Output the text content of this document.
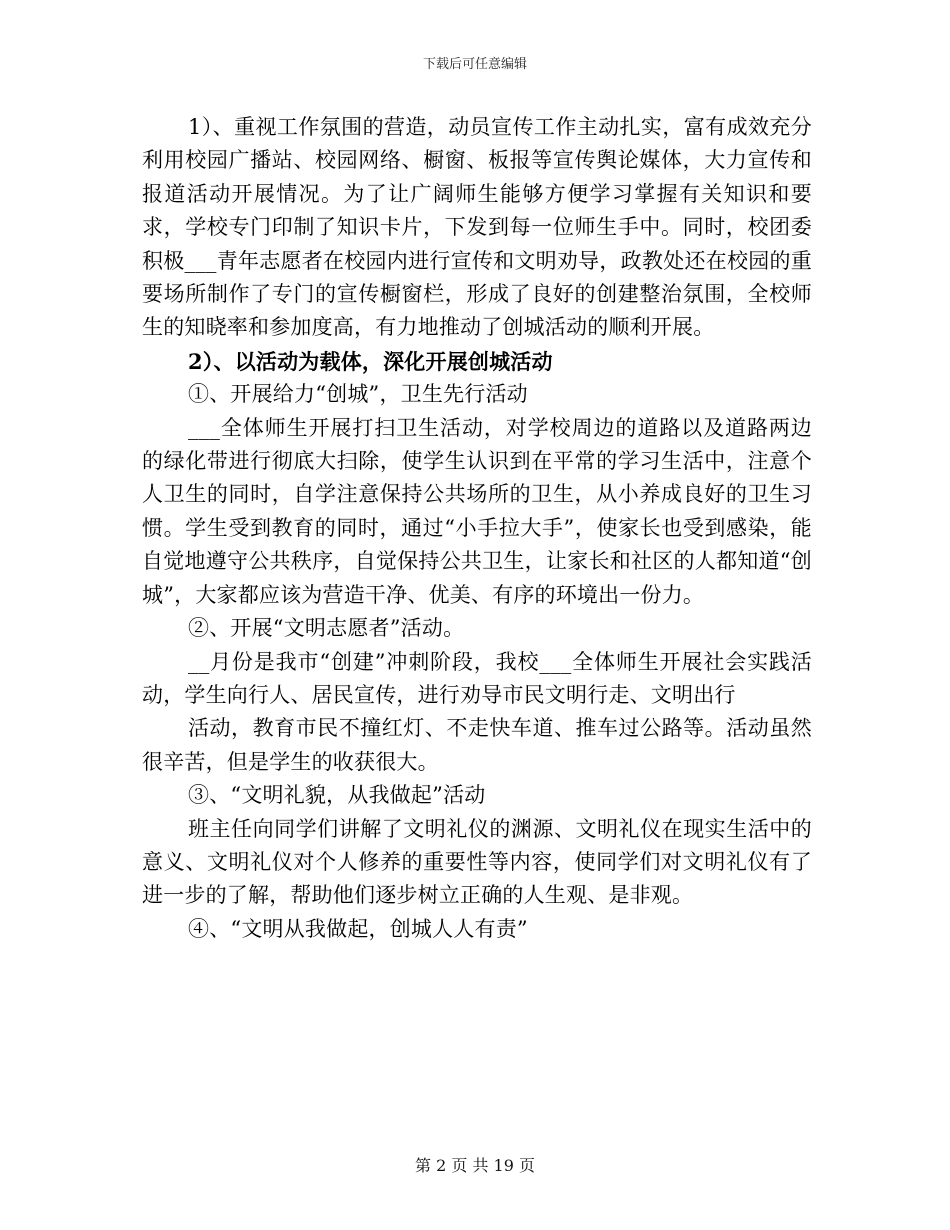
下载后可任意编辑

1）、重视工作氛围的营造，动员宣传工作主动扎实，富有成效充分利用校园广播站、校园网络、橱窗、板报等宣传舆论媒体，大力宣传和报道活动开展情况。为了让广阔师生能够方便学习掌握有关知识和要求，学校专门印制了知识卡片，下发到每一位师生手中。同时，校团委积极___青年志愿者在校园内进行宣传和文明劝导，政教处还在校园的重要场所制作了专门的宣传橱窗栏，形成了良好的创建整治氛围，全校师生的知晓率和参加度高，有力地推动了创城活动的顺利开展。

2）、以活动为载体，深化开展创城活动

①、开展给力“创城”，卫生先行活动

___全体师生开展打扫卫生活动，对学校周边的道路以及道路两边的绿化带进行彻底大扫除，使学生认识到在平常的学习生活中，注意个人卫生的同时，自学注意保持公共场所的卫生，从小养成良好的卫生习惯。学生受到教育的同时，通过“小手拉大手”，使家长也受到感染，能自觉地遵守公共秩序，自觉保持公共卫生，让家长和社区的人都知道“创城”，大家都应该为营造干净、优美、有序的环境出一份力。

②、开展“文明志愿者”活动。

__月份是我市“创建”冲刺阶段，我校___全体师生开展社会实践活动，学生向行人、居民宣传，进行劝导市民文明行走、文明出行

活动，教育市民不撞红灯、不走快车道、推车过公路等。活动虽然很辛苦，但是学生的收获很大。

③、“文明礼貌，从我做起”活动

班主任向同学们讲解了文明礼仪的渊源、文明礼仪在现实生活中的意义、文明礼仪对个人修养的重要性等内容，使同学们对文明礼仪有了进一步的了解，帮助他们逐步树立正确的人生观、是非观。

④、“文明从我做起，创城人人有责”

第 2 页 共 19 页
